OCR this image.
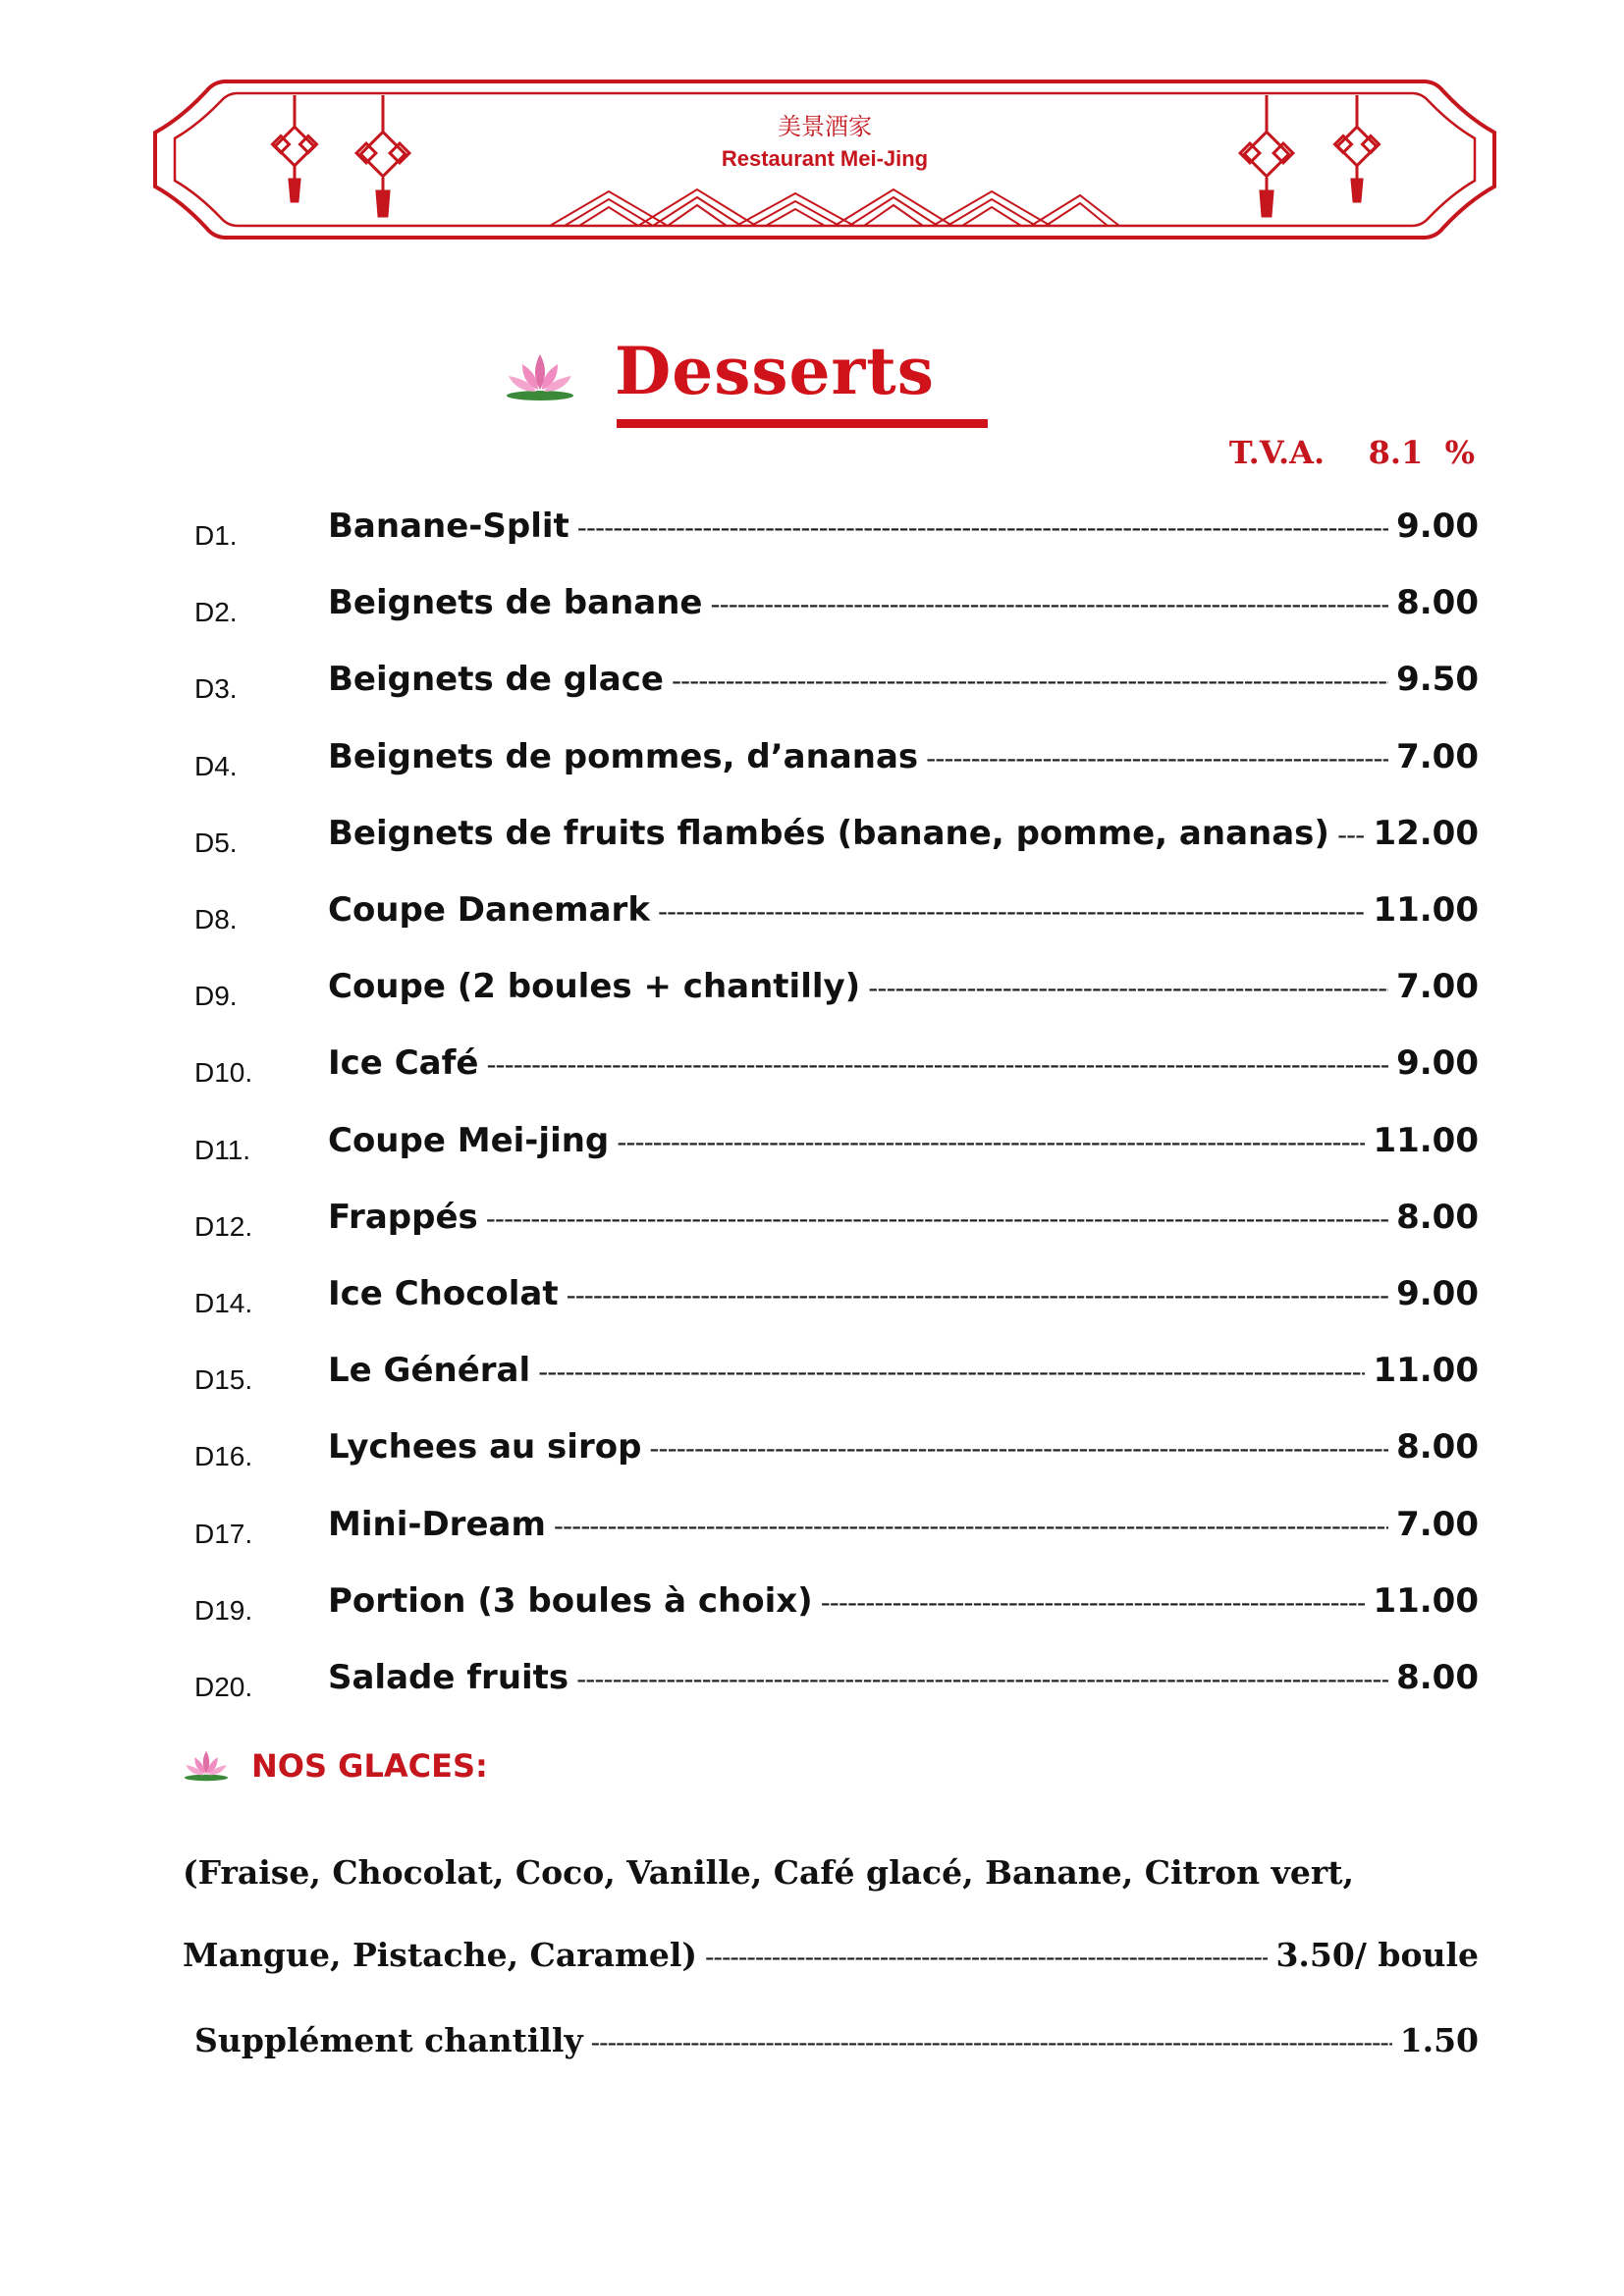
美景酒家
Restaurant Mei-Jing
Desserts
T.V.A.    8.1  %
D1.	Banane-Split -----	9.00
D2.	Beignets de banane -----	8.00
D3.	Beignets de glace -----	9.50
D4.	Beignets de pommes, d’ananas -----	7.00
D5.	Beignets de fruits flambés (banane, pomme, ananas) ----- 12.00
D8.	Coupe Danemark -----	11.00
D9.	Coupe (2 boules + chantilly) -----	7.00
D10. Ice Café -----	9.00
D11. Coupe Mei-jing -----	11.00
D12. Frappés -----	8.00
D14. Ice Chocolat -----	9.00
D15. Le Général -----	11.00
D16. Lychees au sirop -----	8.00
D17. Mini-Dream -----	7.00
D19. Portion (3 boules à choix) -----	11.00
D20. Salade fruits -----	8.00
NOS GLACES:
(Fraise, Chocolat, Coco, Vanille, Café glacé, Banane, Citron vert,
Mangue, Pistache, Caramel) -----	3.50/ boule
Supplément chantilly -----	1.50
